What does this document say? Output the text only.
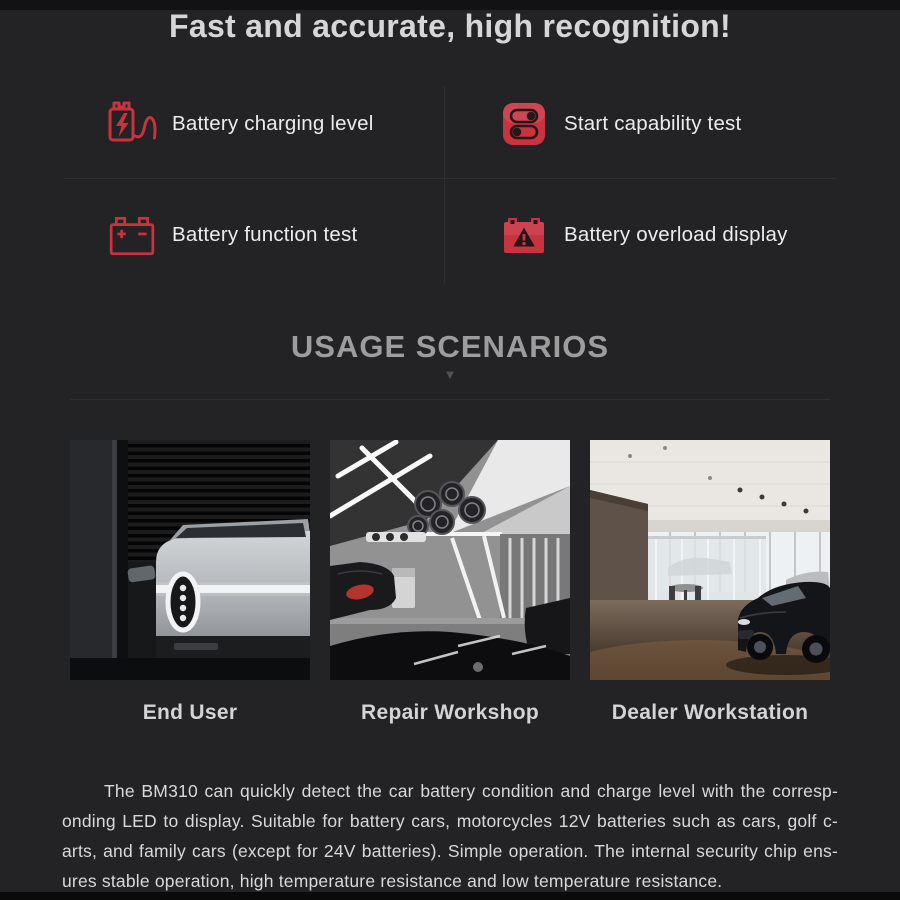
Fast and accurate, high recognition!
Battery charging level	Start capability test
Battery function test	Battery overload display
USAGE SCENARIOS
▼
End User	Repair Workshop	Dealer Workstation
The BM310 can quickly detect the car battery condition and charge level with the corresp-
onding LED to display. Suitable for battery cars, motorcycles 12V batteries such as cars, golf c-
arts, and family cars (except for 24V batteries). Simple operation. The internal security chip ens-
ures stable operation, high temperature resistance and low temperature resistance.
